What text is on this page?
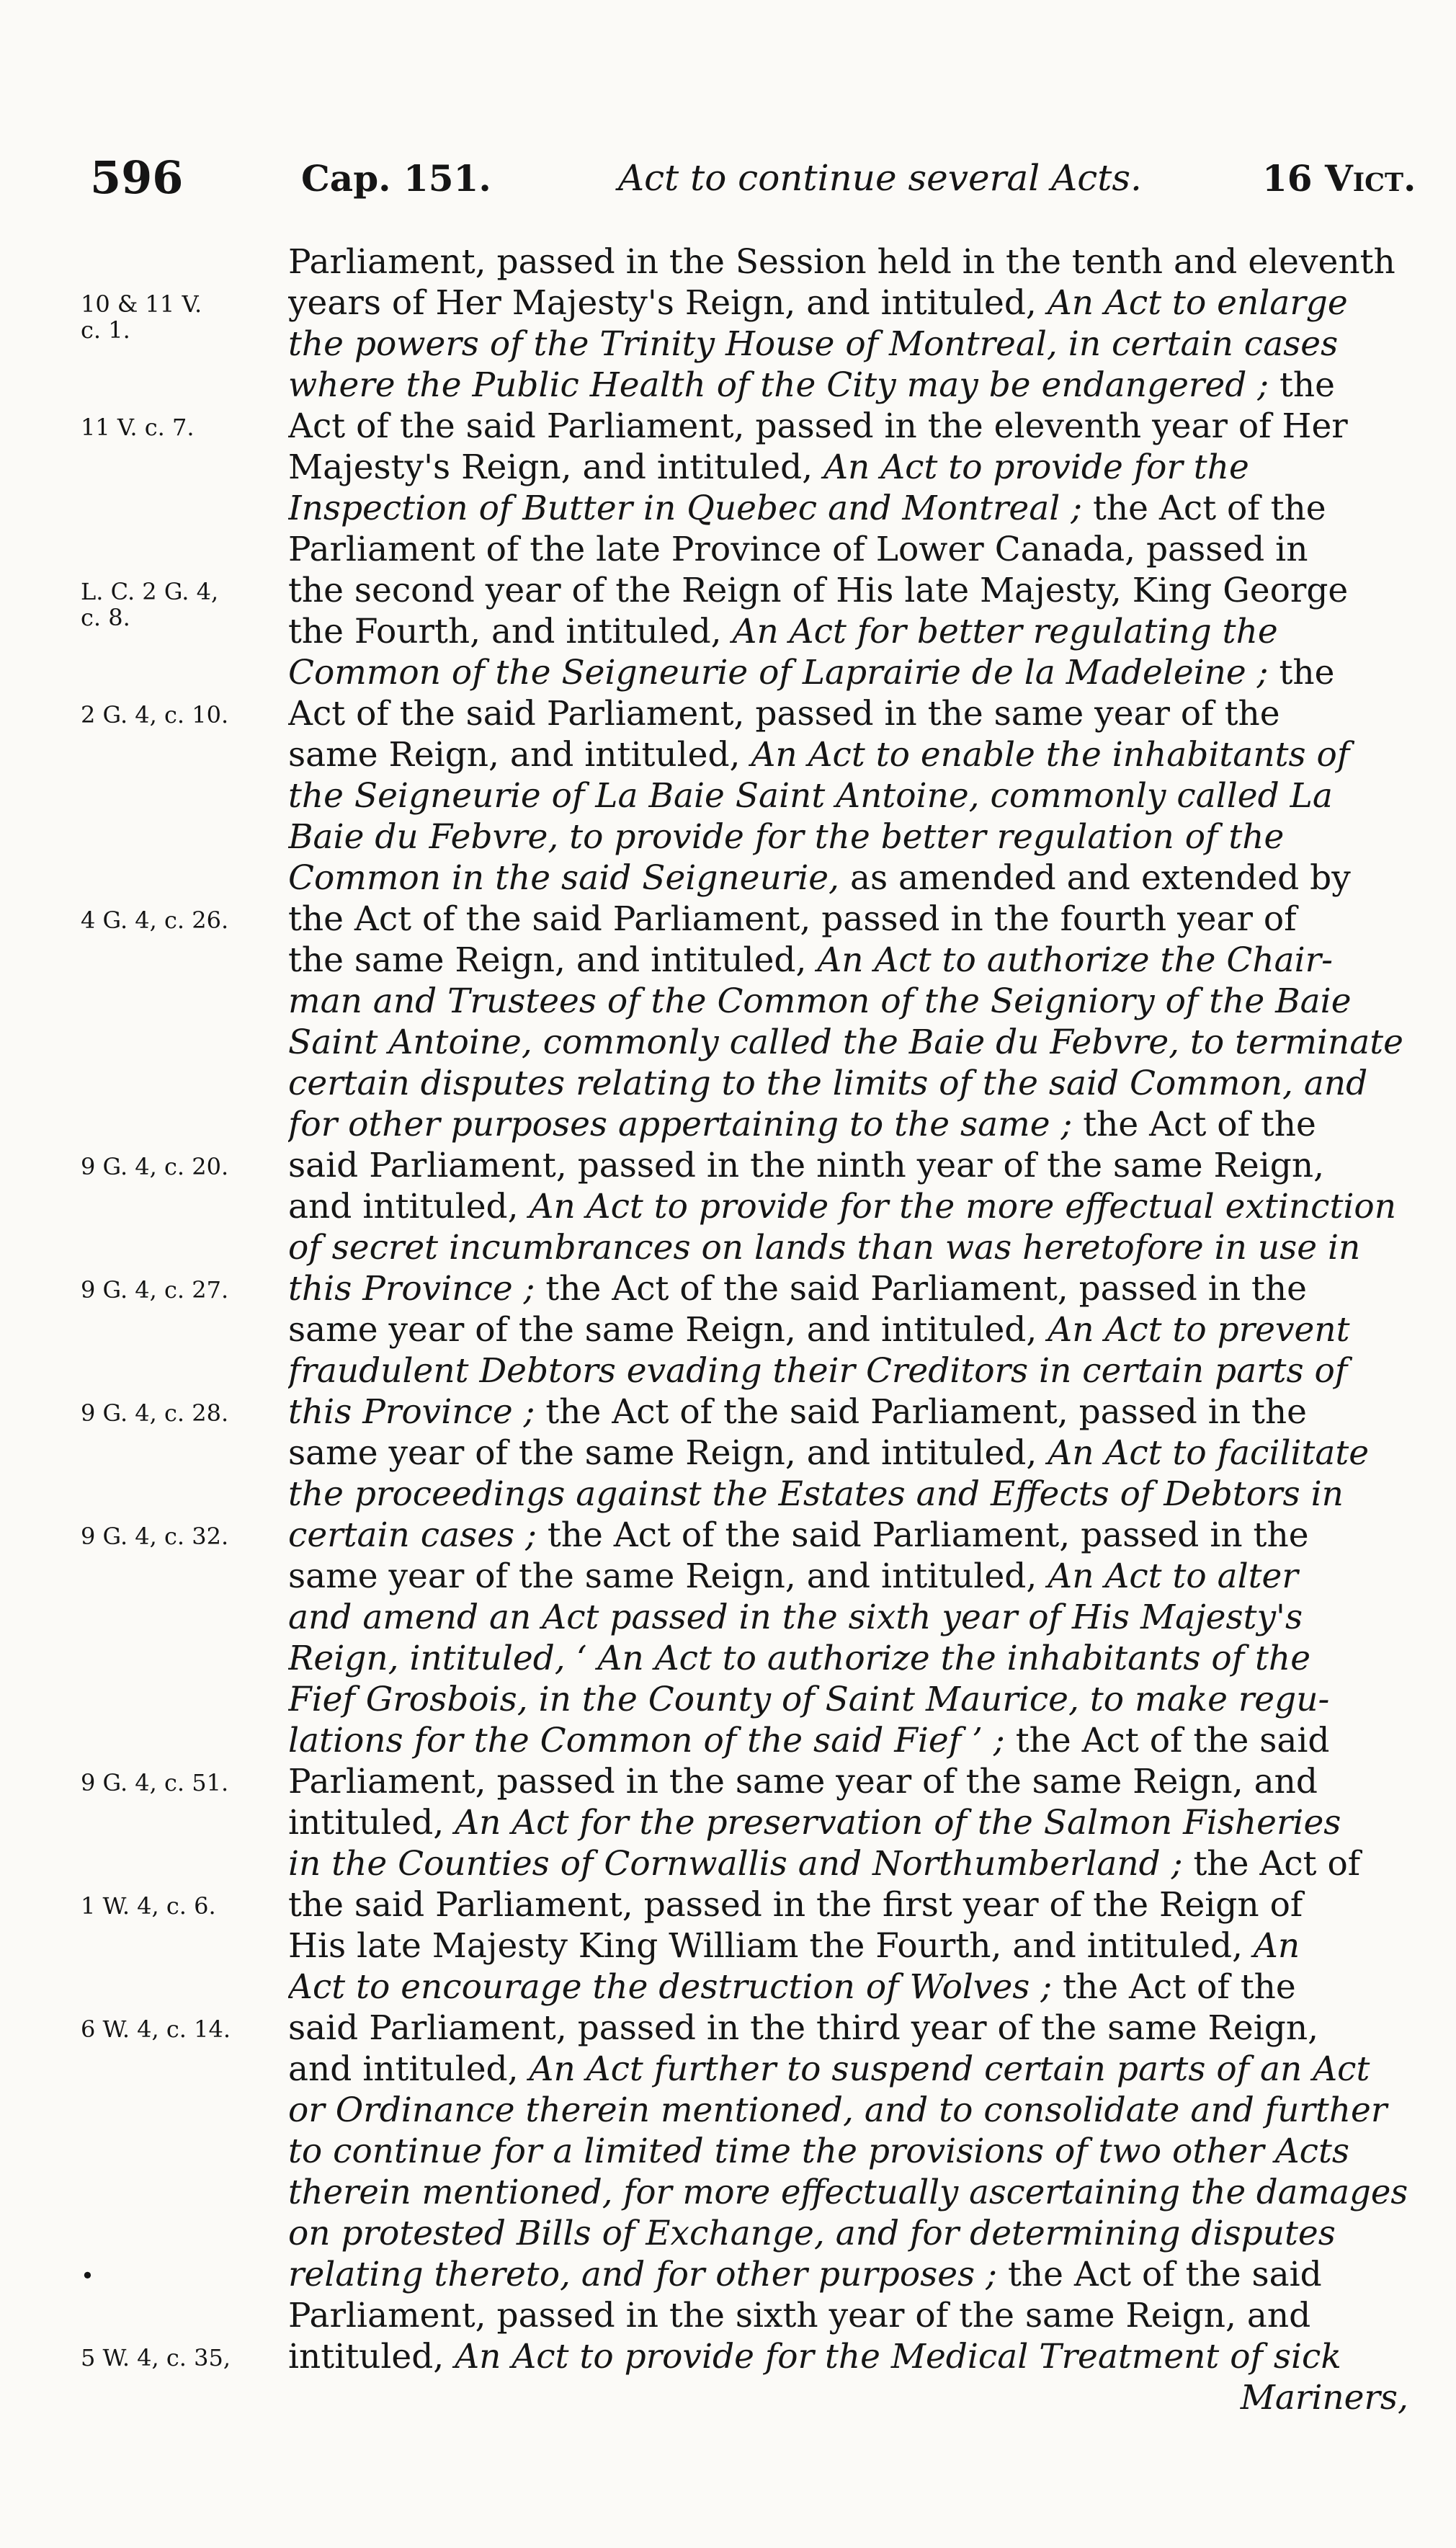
596	Cap. 151.	Act to continue several Acts.	16 Vict.
10 & 11 V.
c. 1.
11 V. c. 7.
L. C. 2 G. 4,
c. 8.
2 G. 4, c. 10.
4 G. 4, c. 26.
9 G. 4, c. 20.
9 G. 4, c. 27.
9 G. 4, c. 28.
9 G. 4, c. 32.
9 G. 4, c. 51.
1 W. 4, c. 6.
6 W. 4, c. 14.
•
5 W. 4, c. 35,
Parliament, passed in the Session held in the tenth and eleventh
years of Her Majesty's Reign, and intituled, An Act to enlarge
the powers of the Trinity House of Montreal, in certain cases
where the Public Health of the City may be endangered ; the
Act of the said Parliament, passed in the eleventh year of Her
Majesty's Reign, and intituled, An Act to provide for the
Inspection of Butter in Quebec and Montreal ; the Act of the
Parliament of the late Province of Lower Canada, passed in
the second year of the Reign of His late Majesty, King George
the Fourth, and intituled, An Act for better regulating the
Common of the Seigneurie of Laprairie de la Madeleine ; the
Act of the said Parliament, passed in the same year of the
same Reign, and intituled, An Act to enable the inhabitants of
the Seigneurie of La Baie Saint Antoine, commonly called La
Baie du Febvre, to provide for the better regulation of the
Common in the said Seigneurie, as amended and extended by
the Act of the said Parliament, passed in the fourth year of
the same Reign, and intituled, An Act to authorize the Chair-
man and Trustees of the Common of the Seigniory of the Baie
Saint Antoine, commonly called the Baie du Febvre, to terminate
certain disputes relating to the limits of the said Common, and
for other purposes appertaining to the same ; the Act of the
said Parliament, passed in the ninth year of the same Reign,
and intituled, An Act to provide for the more effectual extinction
of secret incumbrances on lands than was heretofore in use in
this Province ; the Act of the said Parliament, passed in the
same year of the same Reign, and intituled, An Act to prevent
fraudulent Debtors evading their Creditors in certain parts of
this Province ; the Act of the said Parliament, passed in the
same year of the same Reign, and intituled, An Act to facilitate
the proceedings against the Estates and Effects of Debtors in
certain cases ; the Act of the said Parliament, passed in the
same year of the same Reign, and intituled, An Act to alter
and amend an Act passed in the sixth year of His Majesty's
Reign, intituled, ‘ An Act to authorize the inhabitants of the
Fief Grosbois, in the County of Saint Maurice, to make regu-
lations for the Common of the said Fief ’ ; the Act of the said
Parliament, passed in the same year of the same Reign, and
intituled, An Act for the preservation of the Salmon Fisheries
in the Counties of Cornwallis and Northumberland ; the Act of
the said Parliament, passed in the first year of the Reign of
His late Majesty King William the Fourth, and intituled, An
Act to encourage the destruction of Wolves ; the Act of the
said Parliament, passed in the third year of the same Reign,
and intituled, An Act further to suspend certain parts of an Act
or Ordinance therein mentioned, and to consolidate and further
to continue for a limited time the provisions of two other Acts
therein mentioned, for more effectually ascertaining the damages
on protested Bills of Exchange, and for determining disputes
relating thereto, and for other purposes ; the Act of the said
Parliament, passed in the sixth year of the same Reign, and
intituled, An Act to provide for the Medical Treatment of sick
Mariners,
